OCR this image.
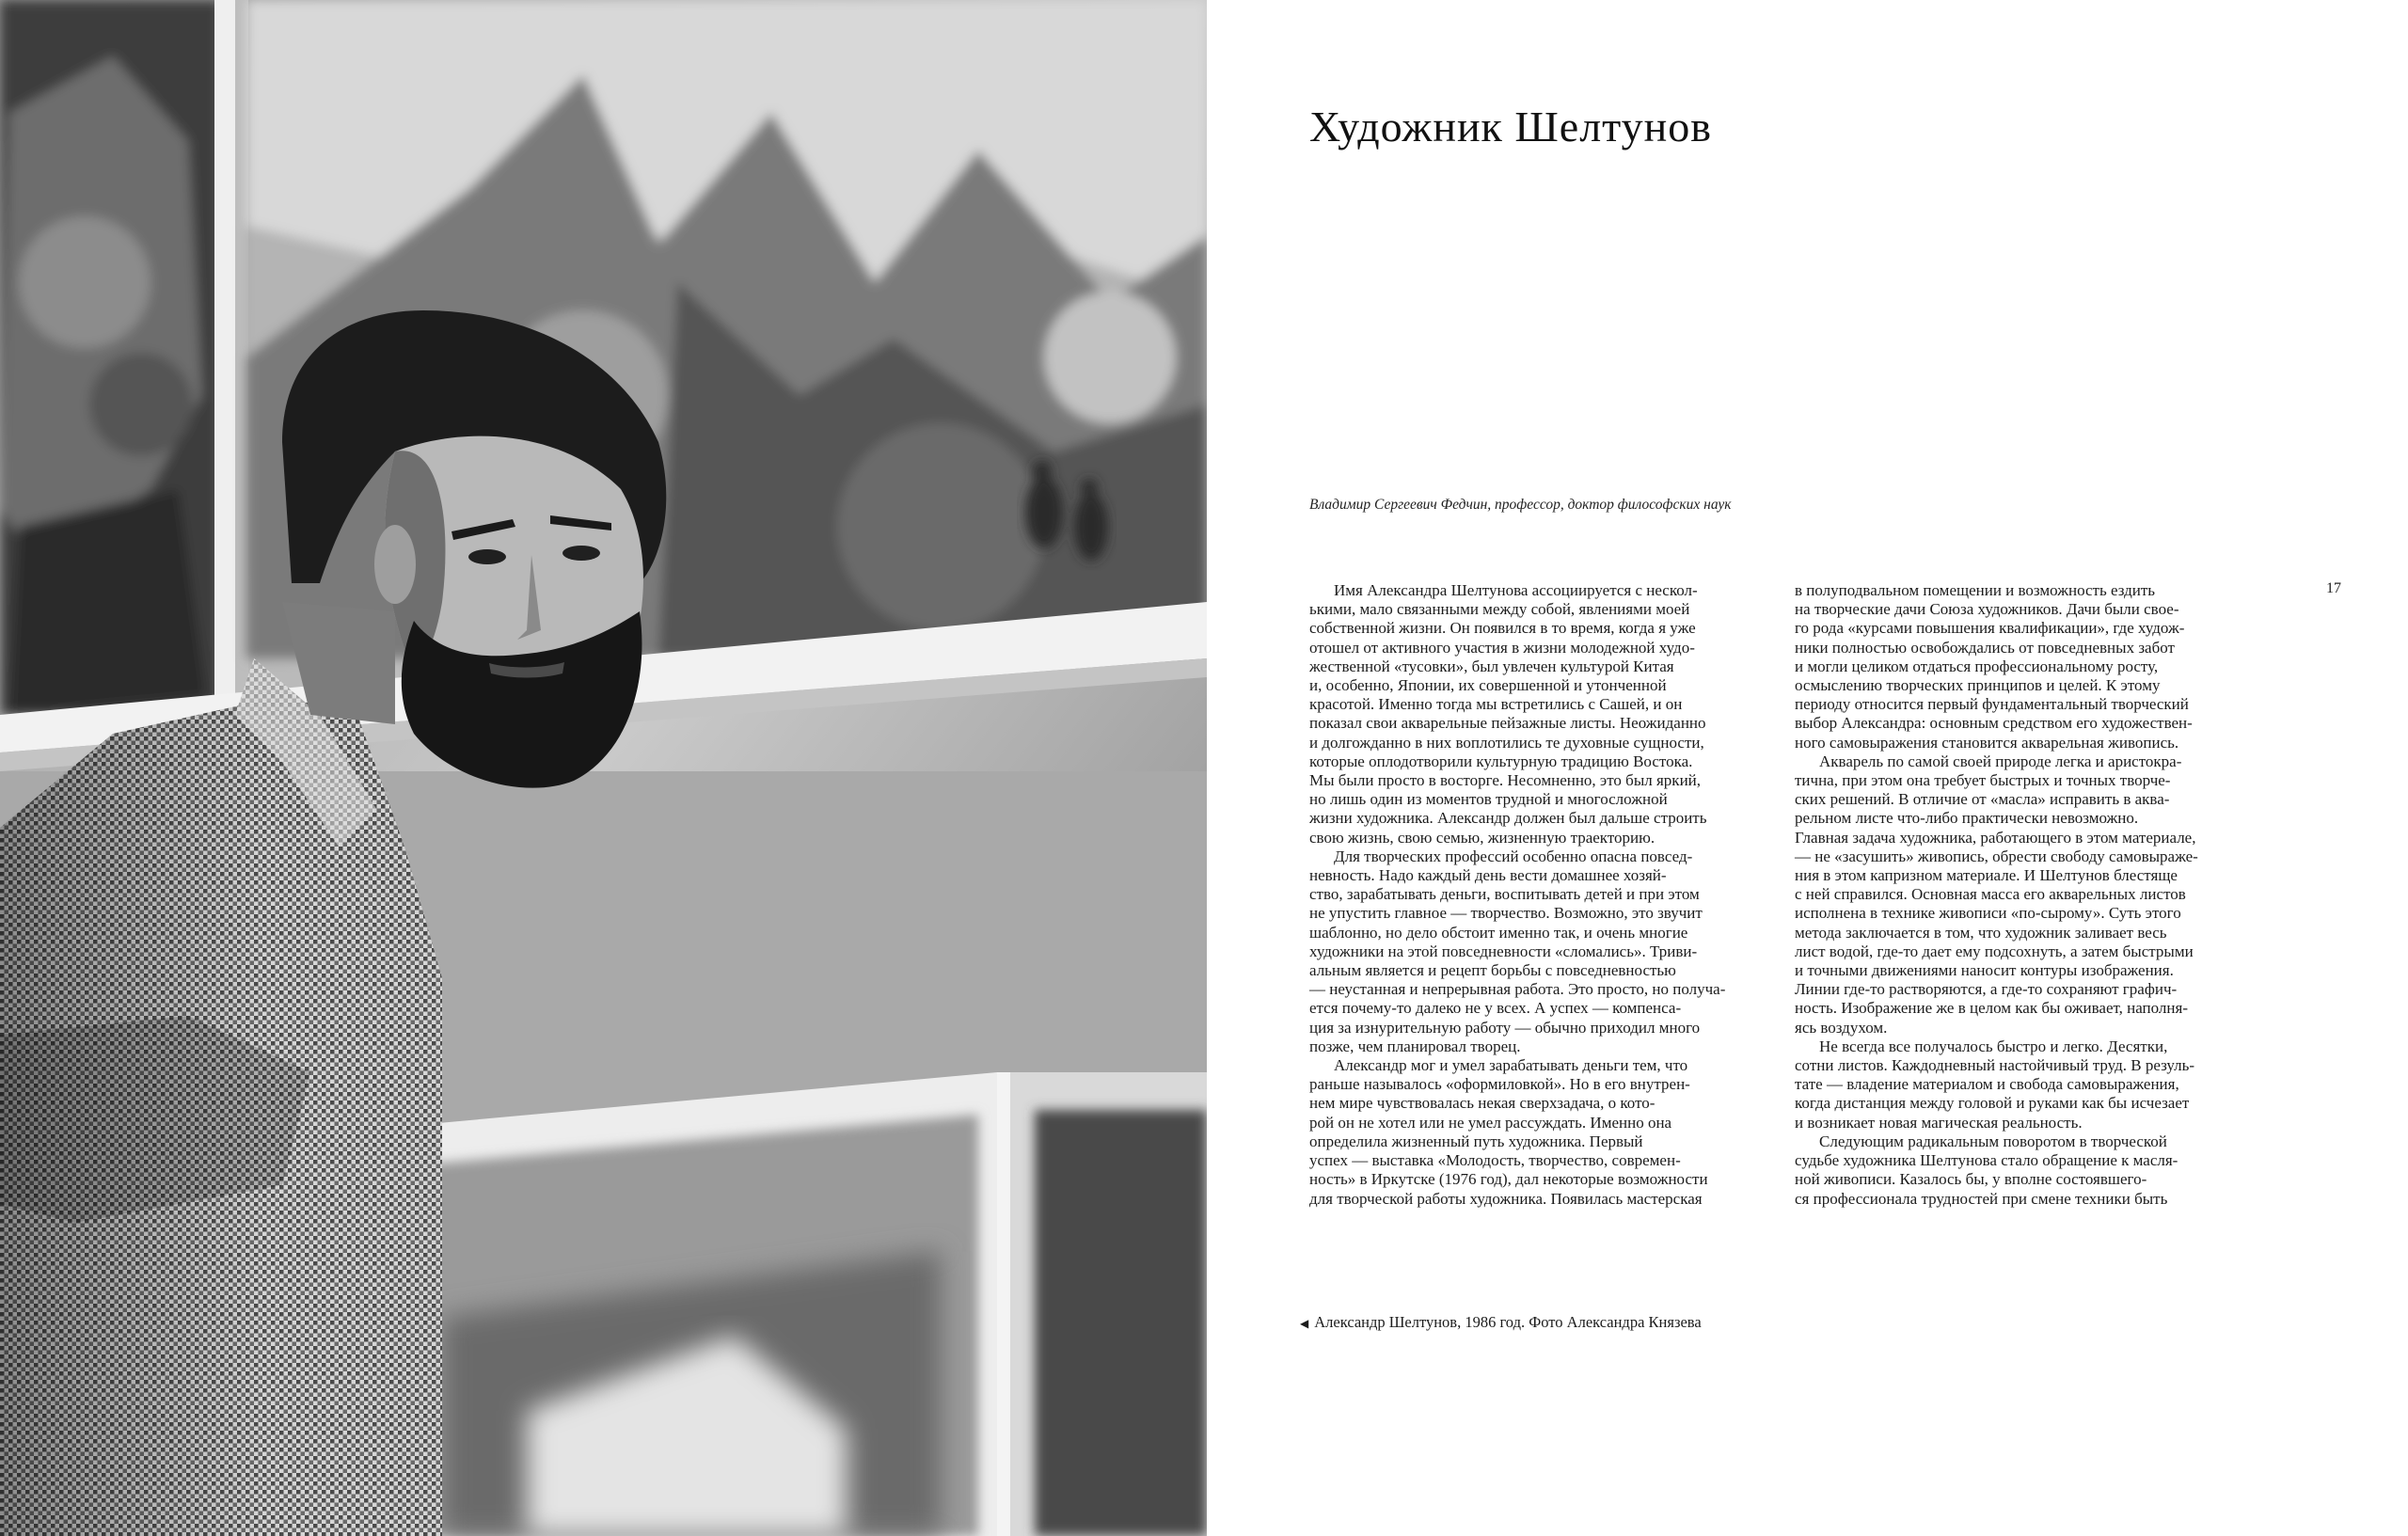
Художник Шелтунов
Владимир Сергеевич Федчин, профессор, доктор философских наук

Имя Александра Шелтунова ассоциируется с нескол-
ькими, мало связанными между собой, явлениями моей
собственной жизни. Он появился в то время, когда я уже
отошел от активного участия в жизни молодежной худо-
жественной «тусовки», был увлечен культурой Китая
и, особенно, Японии, их совершенной и утонченной
красотой. Именно тогда мы встретились с Сашей, и он
показал свои акварельные пейзажные листы. Неожиданно
и долгожданно в них воплотились те духовные сущности,
которые оплодотворили культурную традицию Востока.
Мы были просто в восторге. Несомненно, это был яркий,
но лишь один из моментов трудной и многосложной
жизни художника. Александр должен был дальше строить
свою жизнь, свою семью, жизненную траекторию.

Для творческих профессий особенно опасна повсед-
невность. Надо каждый день вести домашнее хозяй-
ство, зарабатывать деньги, воспитывать детей и при этом
не упустить главное — творчество. Возможно, это звучит
шаблонно, но дело обстоит именно так, и очень многие
художники на этой повседневности «сломались». Триви-
альным является и рецепт борьбы с повседневностью
— неустанная и непрерывная работа. Это просто, но получа-
ется почему-то далеко не у всех. А успех — компенса-
ция за изнурительную работу — обычно приходил много
позже, чем планировал творец.

Александр мог и умел зарабатывать деньги тем, что
раньше называлось «оформиловкой». Но в его внутрен-
нем мире чувствовалась некая сверхзадача, о кото-
рой он не хотел или не умел рассуждать. Именно она
определила жизненный путь художника. Первый
успех — выставка «Молодость, творчество, современ-
ность» в Иркутске (1976 год), дал некоторые возможности
для творческой работы художника. Появилась мастерская

в полуподвальном помещении и возможность ездить
на творческие дачи Союза художников. Дачи были свое-
го рода «курсами повышения квалификации», где худож-
ники полностью освобождались от повседневных забот
и могли целиком отдаться профессиональному росту,
осмыслению творческих принципов и целей. К этому
периоду относится первый фундаментальный творческий
выбор Александра: основным средством его художествен-
ного самовыражения становится акварельная живопись.

Акварель по самой своей природе легка и аристокра-
тична, при этом она требует быстрых и точных творче-
ских решений. В отличие от «масла» исправить в аква-
рельном листе что-либо практически невозможно.
Главная задача художника, работающего в этом материале,
— не «засушить» живопись, обрести свободу самовыраже-
ния в этом капризном материале. И Шелтунов блестяще
с ней справился. Основная масса его акварельных листов
исполнена в технике живописи «по-сырому». Суть этого
метода заключается в том, что художник заливает весь
лист водой, где-то дает ему подсохнуть, а затем быстрыми
и точными движениями наносит контуры изображения.
Линии где-то растворяются, а где-то сохраняют графич-
ность. Изображение же в целом как бы оживает, наполня-
ясь воздухом.

Не всегда все получалось быстро и легко. Десятки,
сотни листов. Каждодневный настойчивый труд. В резуль-
тате — владение материалом и свобода самовыражения,
когда дистанция между головой и руками как бы исчезает
и возникает новая магическая реальность.

Следующим радикальным поворотом в творческой
судьбе художника Шелтунова стало обращение к масля-
ной живописи. Казалось бы, у вполне состоявшего-
ся профессионала трудностей при смене техники быть

17
◀ Александр Шелтунов, 1986 год. Фото Александра Князева
